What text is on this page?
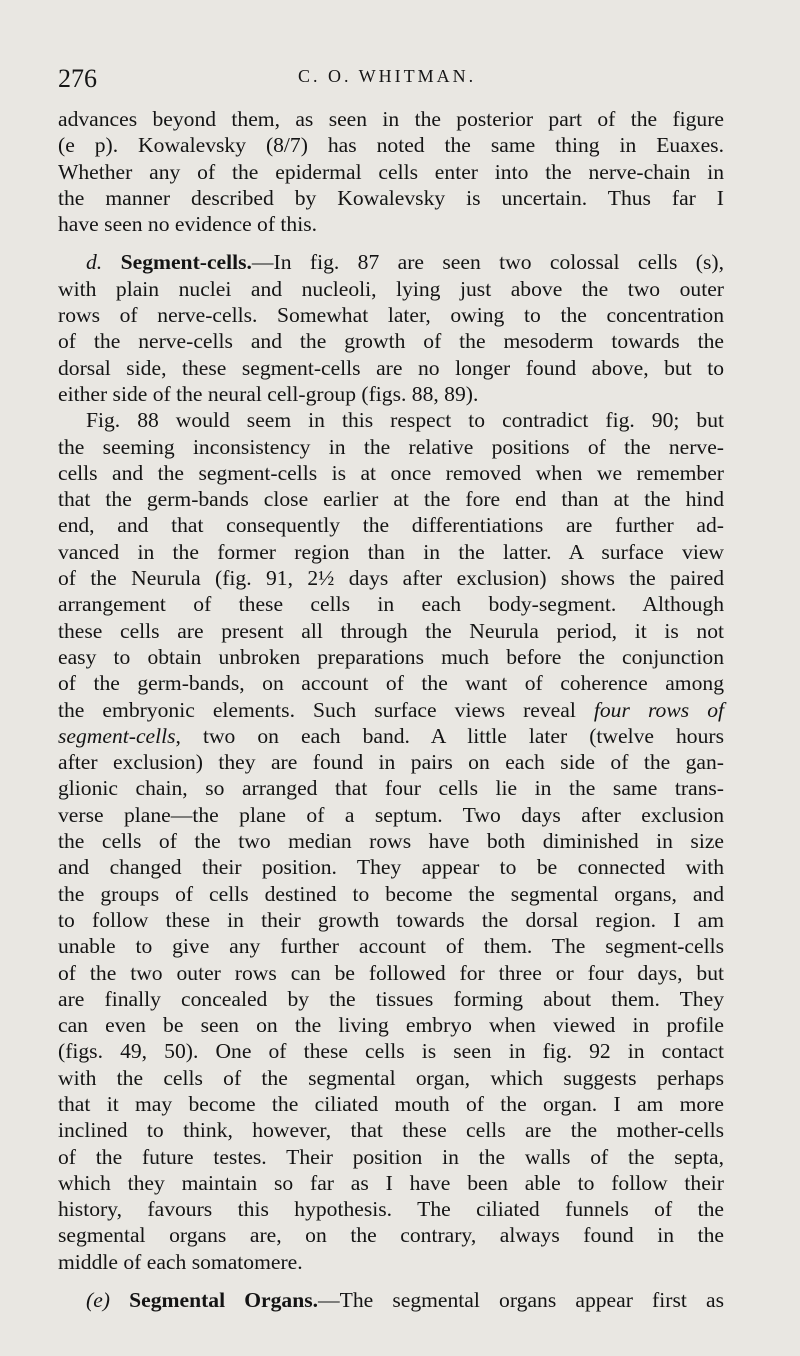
276	C. O. WHITMAN.
advances beyond them, as seen in the posterior part of the figure
(e p). Kowalevsky (8/7) has noted the same thing in Euaxes.
Whether any of the epidermal cells enter into the nerve-chain in
the manner described by Kowalevsky is uncertain. Thus far I
have seen no evidence of this.
d. Segment-cells.—In fig. 87 are seen two colossal cells (s),
with plain nuclei and nucleoli, lying just above the two outer
rows of nerve-cells. Somewhat later, owing to the concentration
of the nerve-cells and the growth of the mesoderm towards the
dorsal side, these segment-cells are no longer found above, but to
either side of the neural cell-group (figs. 88, 89).
Fig. 88 would seem in this respect to contradict fig. 90; but
the seeming inconsistency in the relative positions of the nerve-
cells and the segment-cells is at once removed when we remember
that the germ-bands close earlier at the fore end than at the hind
end, and that consequently the differentiations are further ad-
vanced in the former region than in the latter. A surface view
of the Neurula (fig. 91, 2½ days after exclusion) shows the paired
arrangement of these cells in each body-segment. Although
these cells are present all through the Neurula period, it is not
easy to obtain unbroken preparations much before the conjunction
of the germ-bands, on account of the want of coherence among
the embryonic elements. Such surface views reveal four rows of
segment-cells, two on each band. A little later (twelve hours
after exclusion) they are found in pairs on each side of the gan-
glionic chain, so arranged that four cells lie in the same trans-
verse plane—the plane of a septum. Two days after exclusion
the cells of the two median rows have both diminished in size
and changed their position. They appear to be connected with
the groups of cells destined to become the segmental organs, and
to follow these in their growth towards the dorsal region. I am
unable to give any further account of them. The segment-cells
of the two outer rows can be followed for three or four days, but
are finally concealed by the tissues forming about them. They
can even be seen on the living embryo when viewed in profile
(figs. 49, 50). One of these cells is seen in fig. 92 in contact
with the cells of the segmental organ, which suggests perhaps
that it may become the ciliated mouth of the organ. I am more
inclined to think, however, that these cells are the mother-cells
of the future testes. Their position in the walls of the septa,
which they maintain so far as I have been able to follow their
history, favours this hypothesis. The ciliated funnels of the
segmental organs are, on the contrary, always found in the
middle of each somatomere.
(e) Segmental Organs.—The segmental organs appear first as
